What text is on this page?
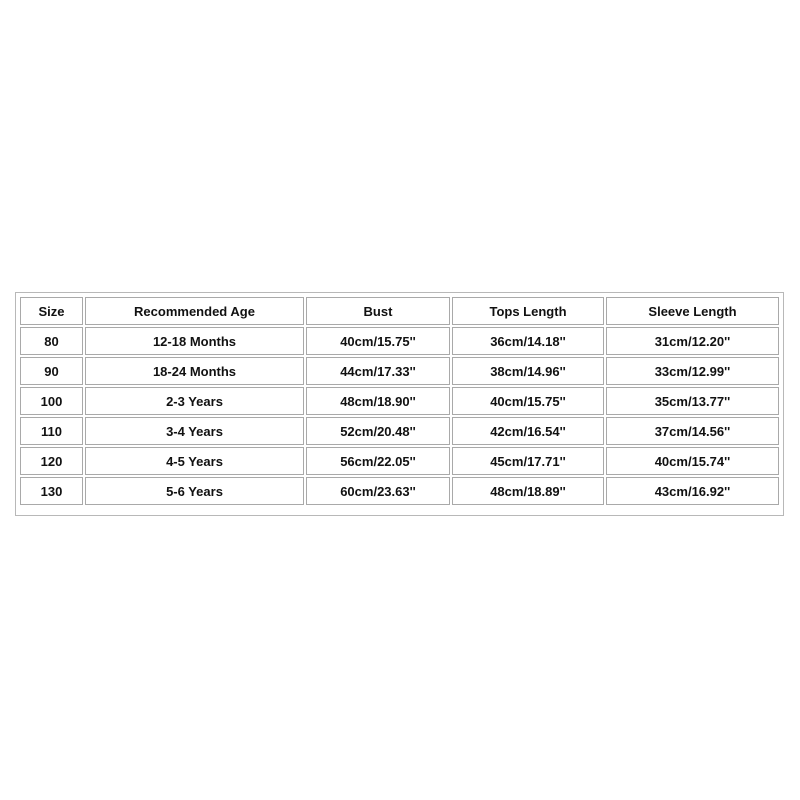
Size	Recommended Age	Bust	Tops Length	Sleeve Length
80	12-18 Months	40cm/15.75''	36cm/14.18''	31cm/12.20''
90	18-24 Months	44cm/17.33''	38cm/14.96''	33cm/12.99''
100	2-3 Years	48cm/18.90''	40cm/15.75''	35cm/13.77''
110	3-4 Years	52cm/20.48''	42cm/16.54''	37cm/14.56''
120	4-5 Years	56cm/22.05''	45cm/17.71''	40cm/15.74''
130	5-6 Years	60cm/23.63''	48cm/18.89''	43cm/16.92''
